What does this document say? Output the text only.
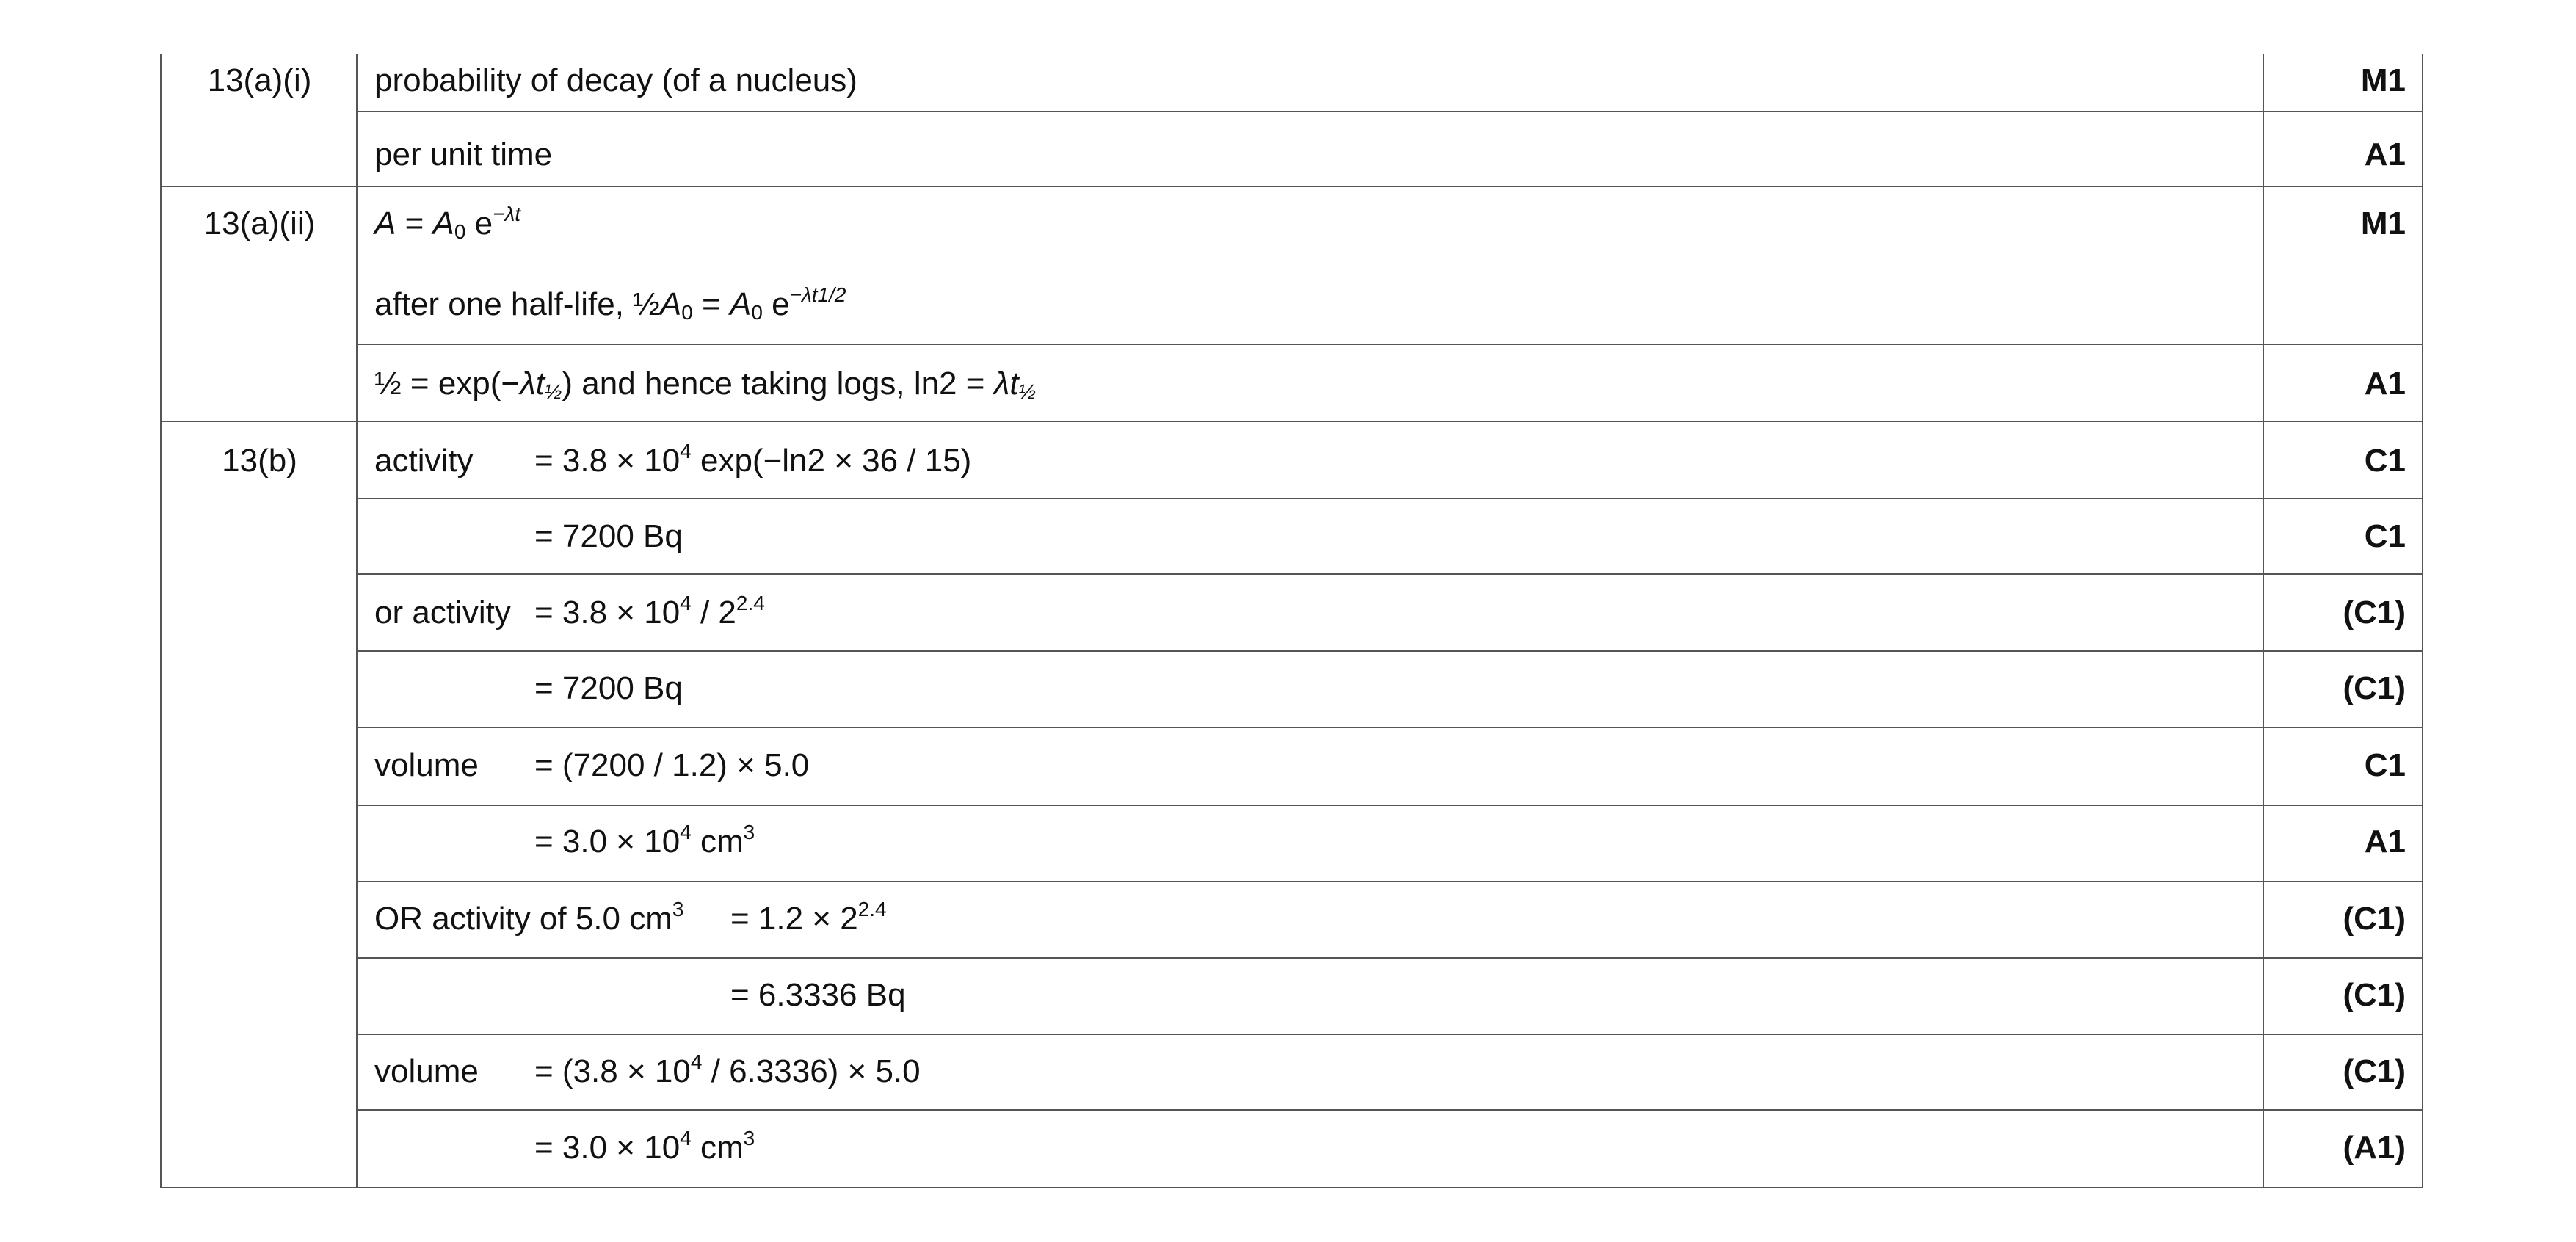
13(a)(i)	probability of decay (of a nucleus)	M1
per unit time	A1
13(a)(ii)	$A = A_0$ $e^{-\lambda t}$	M1
after one half-life, $\frac{1}{2}A_0 = A_0$ $e^{-\lambda t1/2}$
½ = $\exp(-\lambda t_{\frac{1}{2}})$ and hence taking logs, $\ln 2 = \lambda t_{\frac{1}{2}}$	A1
13(b)	activity = $3.8 \times 10^4$ exp(−ln2 × 36 / 15)	C1
= 7200 Bq	C1
or activity = $3.8 \times 10^4 / 2^{2.4}$	(C1)
= 7200 Bq	(C1)
volume = (7200 / 1.2) × 5.0	C1
= $3.0 \times 10^4$ $cm^3$	A1
OR activity of 5.0 $cm^3 = 1.2 \times 2^{2.4}$	(C1)
= 6.3336 Bq	(C1)
volume = $(3.8 \times 10^4 / 6.3336) \times 5.0$	(C1)
= $3.0 \times 10^4$ $cm^3$	(A1)
